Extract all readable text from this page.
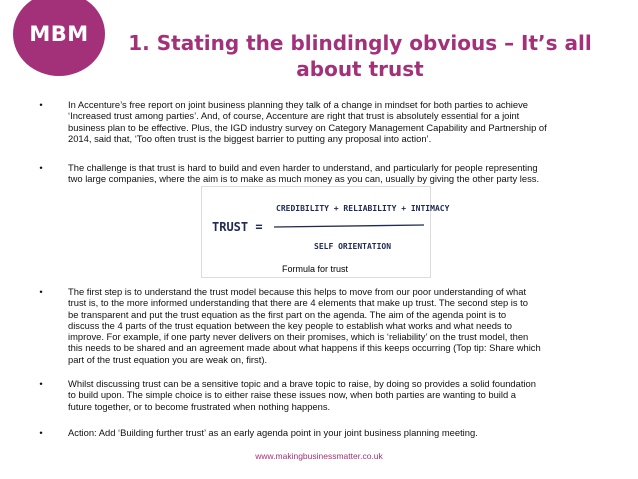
MBM	1. Stating the blindingly obvious – It’s all
about trust
•	In Accenture’s free report on joint business planning they talk of a change in mindset for both parties to achieve
‘Increased trust among parties’. And, of course, Accenture are right that trust is absolutely essential for a joint
business plan to be effective. Plus, the IGD industry survey on Category Management Capability and Partnership of
2014, said that, ‘Too often trust is the biggest barrier to putting any proposal into action’.
•	The challenge is that trust is hard to build and even harder to understand, and particularly for people representing
two large companies, where the aim is to make as much money as you can, usually by giving the other party less.
TRUST =
CREDIBILITY + RELIABILITY + INTIMACY
SELF ORIENTATION
Formula for trust
•	The first step is to understand the trust model because this helps to move from our poor understanding of what
trust is, to the more informed understanding that there are 4 elements that make up trust. The second step is to
be transparent and put the trust equation as the first part on the agenda. The aim of the agenda point is to
discuss the 4 parts of the trust equation between the key people to establish what works and what needs to
improve. For example, if one party never delivers on their promises, which is ‘reliability’ on the trust model, then
this needs to be shared and an agreement made about what happens if this keeps occurring (Top tip: Share which
part of the trust equation you are weak on, first).
•	Whilst discussing trust can be a sensitive topic and a brave topic to raise, by doing so provides a solid foundation
to build upon. The simple choice is to either raise these issues now, when both parties are wanting to build a
future together, or to become frustrated when nothing happens.
•	Action: Add ‘Building further trust’ as an early agenda point in your joint business planning meeting.
www.makingbusinessmatter.co.uk
